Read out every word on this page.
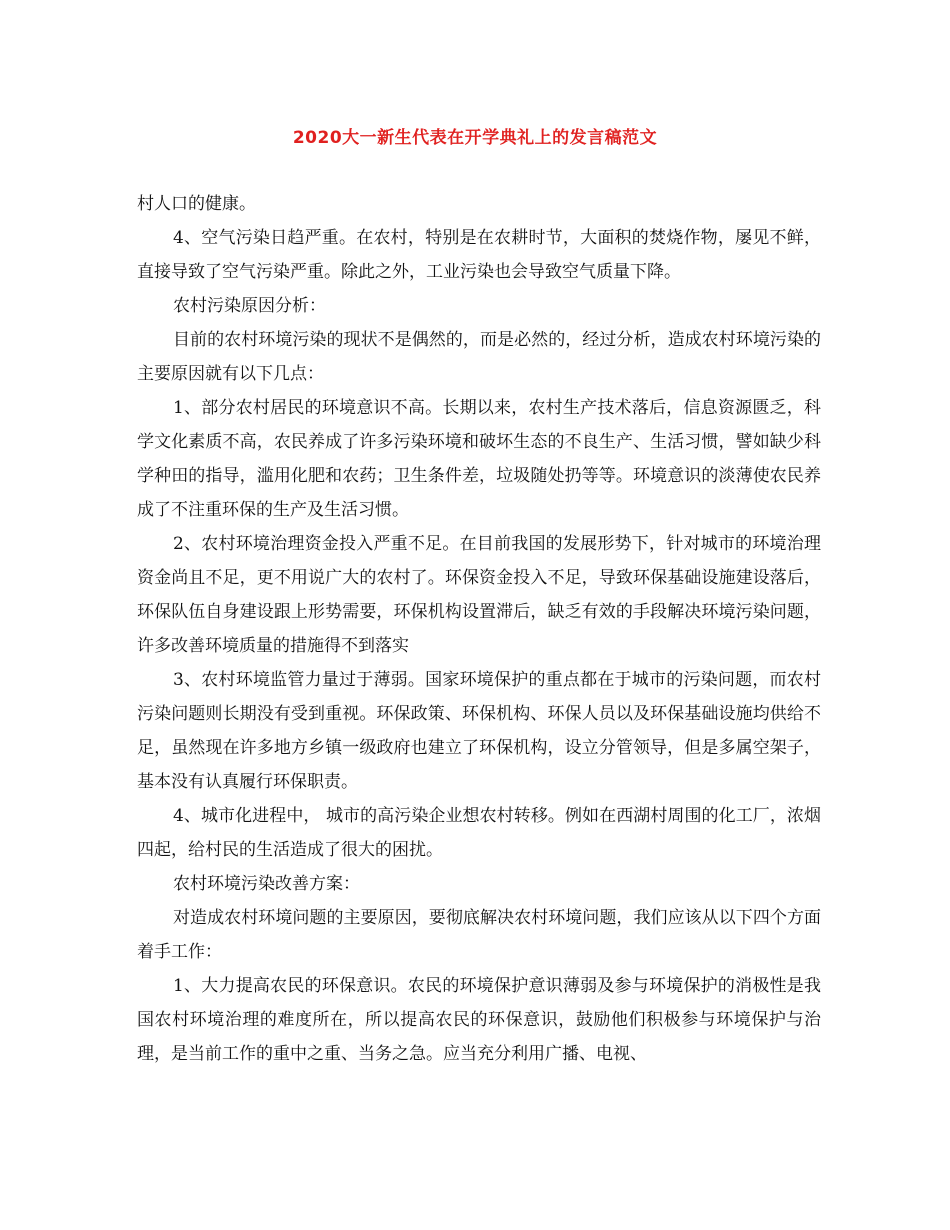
2020大一新生代表在开学典礼上的发言稿范文

村人口的健康。

4、空气污染日趋严重。在农村，特别是在农耕时节，大面积的焚烧作物，屡见不鲜，直接导致了空气污染严重。除此之外，工业污染也会导致空气质量下降。

农村污染原因分析：

目前的农村环境污染的现状不是偶然的，而是必然的，经过分析，造成农村环境污染的主要原因就有以下几点：

1、部分农村居民的环境意识不高。长期以来，农村生产技术落后，信息资源匮乏，科学文化素质不高，农民养成了许多污染环境和破坏生态的不良生产、生活习惯，譬如缺少科学种田的指导，滥用化肥和农药；卫生条件差，垃圾随处扔等等。环境意识的淡薄使农民养成了不注重环保的生产及生活习惯。

2、农村环境治理资金投入严重不足。在目前我国的发展形势下，针对城市的环境治理资金尚且不足，更不用说广大的农村了。环保资金投入不足，导致环保基础设施建设落后，环保队伍自身建设跟上形势需要，环保机构设置滞后，缺乏有效的手段解决环境污染问题，许多改善环境质量的措施得不到落实

3、农村环境监管力量过于薄弱。国家环境保护的重点都在于城市的污染问题，而农村污染问题则长期没有受到重视。环保政策、环保机构、环保人员以及环保基础设施均供给不足，虽然现在许多地方乡镇一级政府也建立了环保机构，设立分管领导，但是多属空架子，基本没有认真履行环保职责。

4、城市化进程中， 城市的高污染企业想农村转移。例如在西湖村周围的化工厂，浓烟四起，给村民的生活造成了很大的困扰。

农村环境污染改善方案：

对造成农村环境问题的主要原因，要彻底解决农村环境问题，我们应该从以下四个方面着手工作：

1、大力提高农民的环保意识。农民的环境保护意识薄弱及参与环境保护的消极性是我国农村环境治理的难度所在，所以提高农民的环保意识，鼓励他们积极参与环境保护与治理，是当前工作的重中之重、当务之急。应当充分利用广播、电视、
